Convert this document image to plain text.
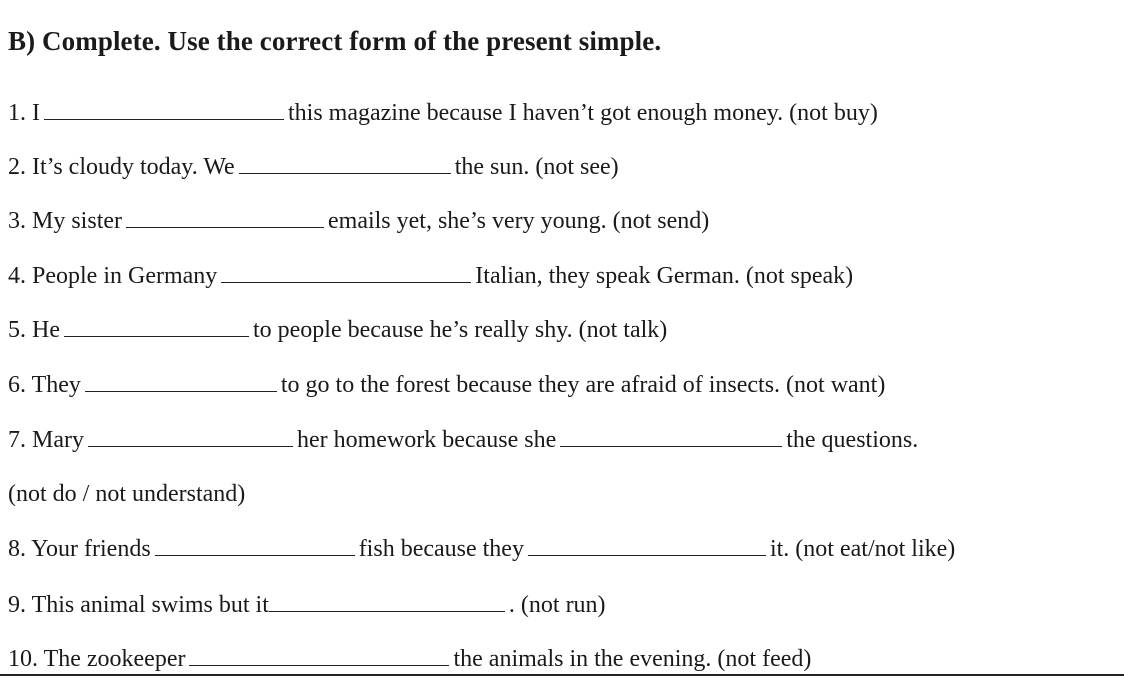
B) Complete. Use the correct form of the present simple.
1. I	this magazine because I haven’t got enough money. (not buy)
2. It’s cloudy today. We	the sun. (not see)
3. My sister	emails yet, she’s very young. (not send)
4. People in Germany	Italian, they speak German. (not speak)
5. He	to people because he’s really shy. (not talk)
6. They	to go to the forest because they are afraid of insects. (not want)
7. Mary	her homework because she	the questions.
(not do / not understand)
8. Your friends	fish because they	it. (not eat/not like)
9. This animal swims but it	. (not run)
10. The zookeeper	the animals in the evening. (not feed)
